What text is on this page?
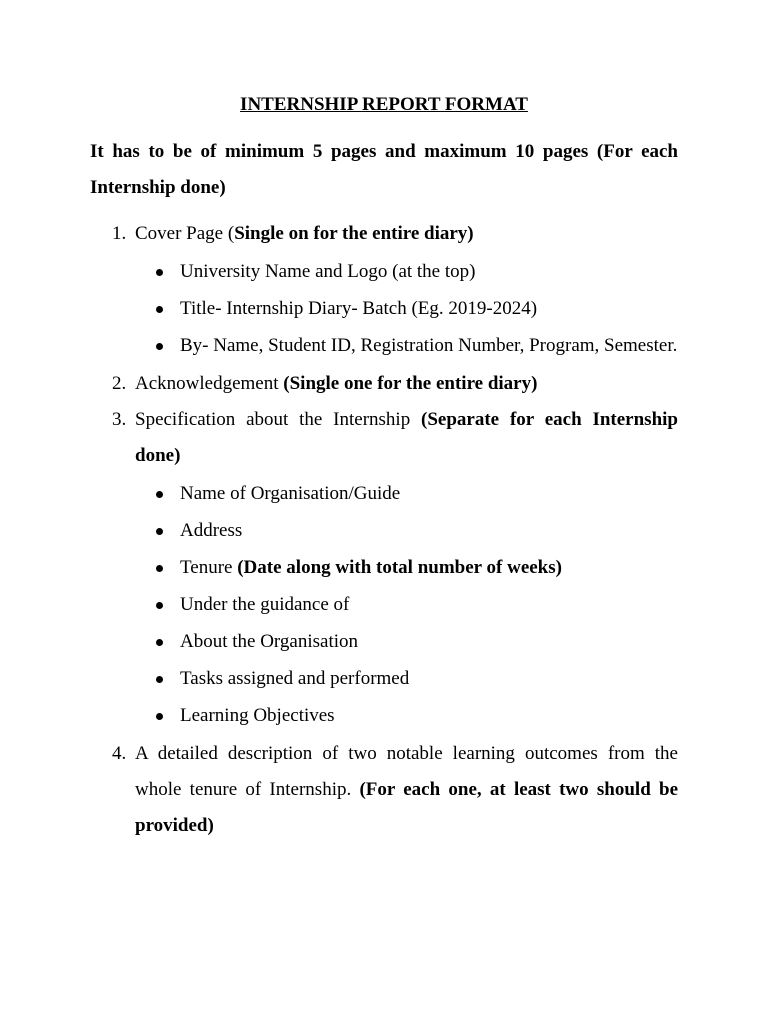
INTERNSHIP REPORT FORMAT
It has to be of minimum 5 pages and maximum 10 pages (For each Internship done)
1. Cover Page (Single on for the entire diary)
University Name and Logo (at the top)
Title- Internship Diary- Batch (Eg. 2019-2024)
By- Name, Student ID, Registration Number, Program, Semester.
2. Acknowledgement (Single one for the entire diary)
3. Specification about the Internship (Separate for each Internship done)
Name of Organisation/Guide
Address
Tenure (Date along with total number of weeks)
Under the guidance of
About the Organisation
Tasks assigned and performed
Learning Objectives
4. A detailed description of two notable learning outcomes from the whole tenure of Internship. (For each one, at least two should be provided)
